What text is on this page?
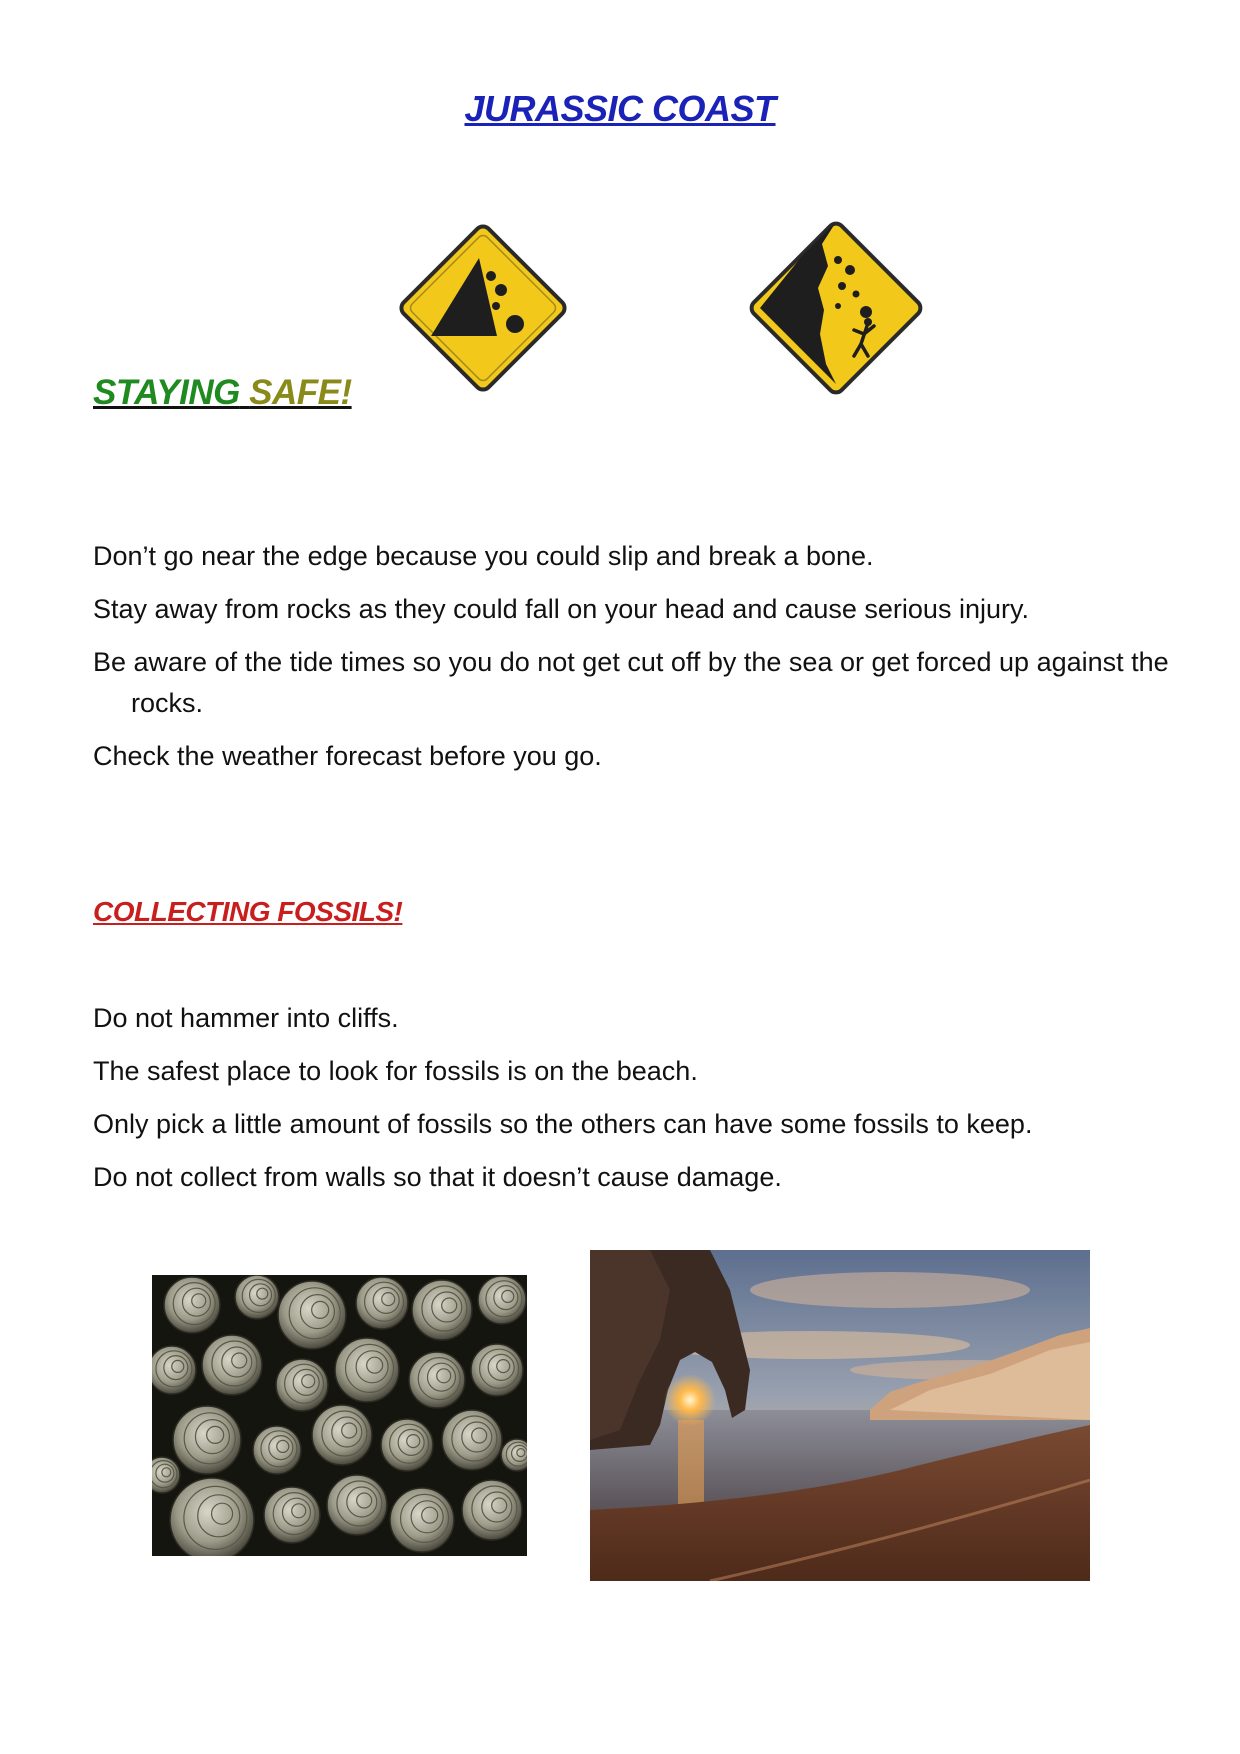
JURASSIC COAST
STAYING SAFE!

Don’t go near the edge because you could slip and break a bone.

Stay away from rocks as they could fall on your head and cause serious injury.

Be aware of the tide times so you do not get cut off by the sea or get forced up against the rocks.

Check the weather forecast before you go.

COLLECTING FOSSILS!

Do not hammer into cliffs.

The safest place to look for fossils is on the beach.

Only pick a little amount of fossils so the others can have some fossils to keep.

Do not collect from walls so that it doesn’t cause damage.
